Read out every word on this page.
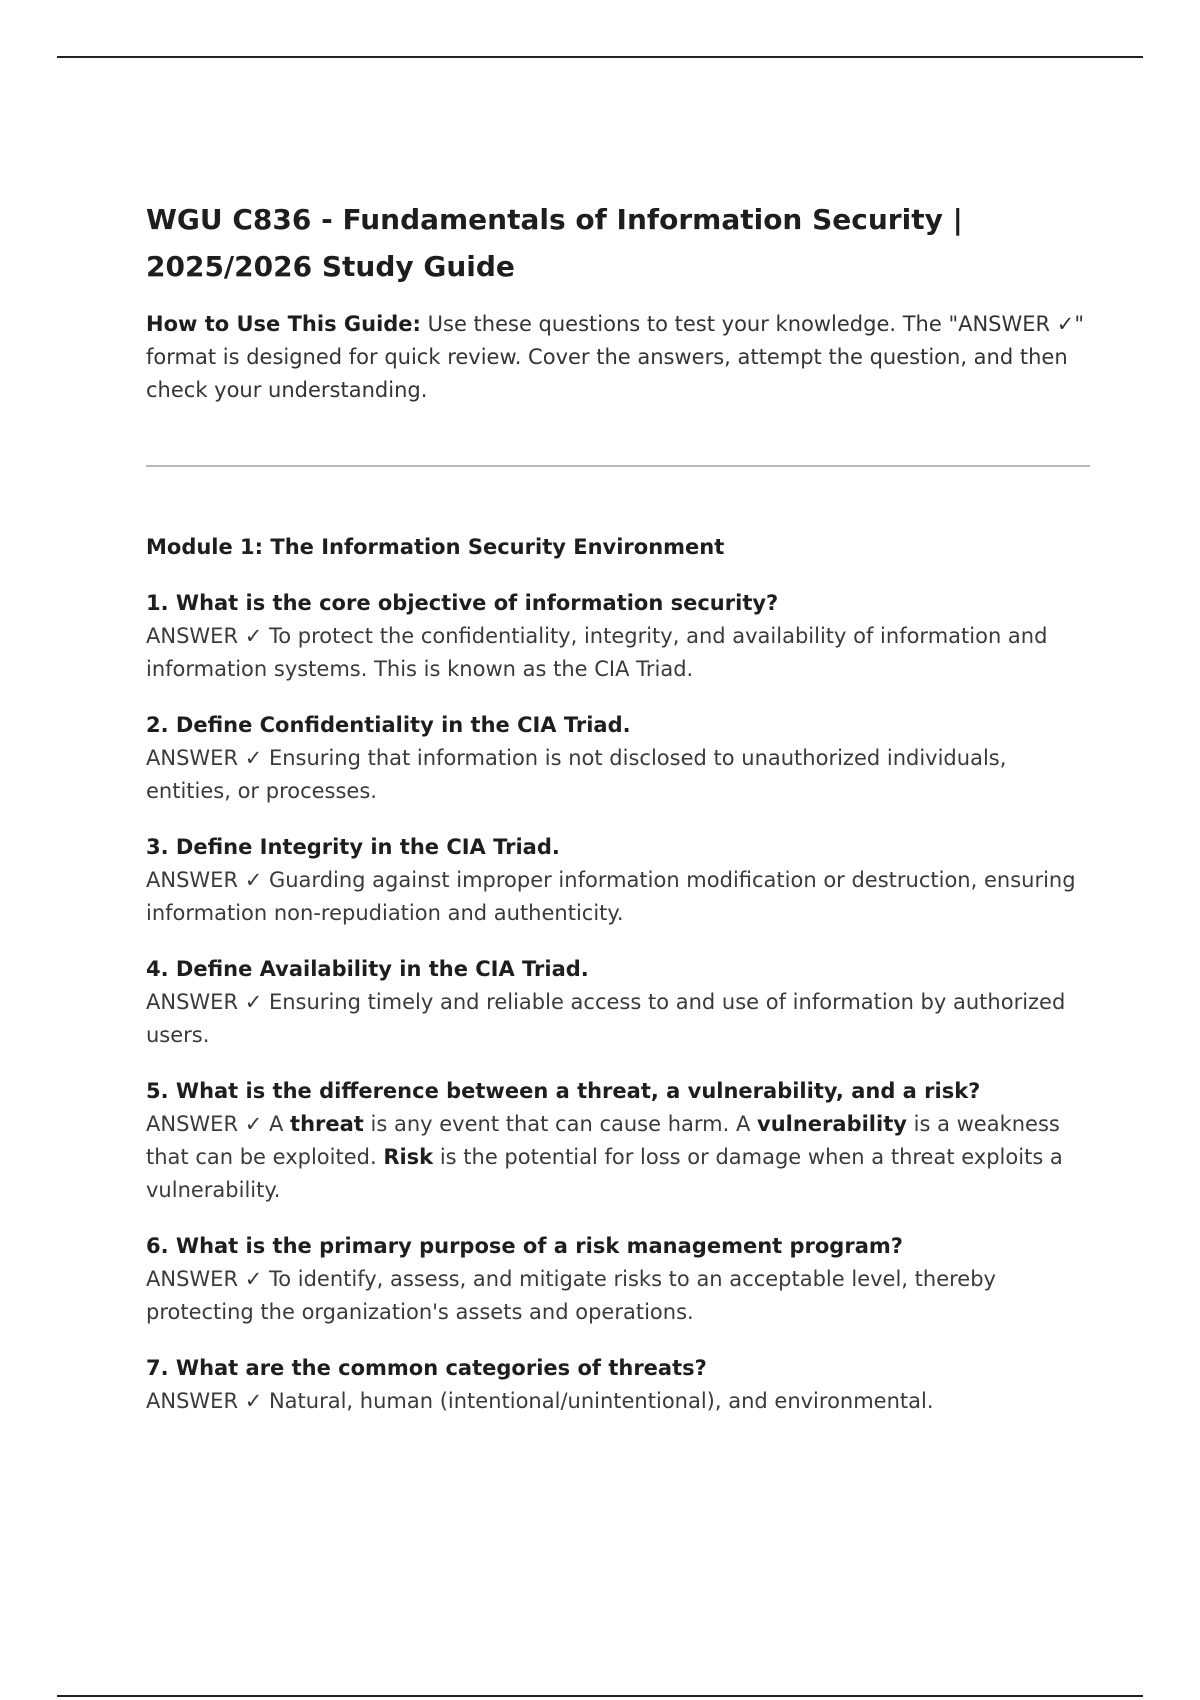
WGU C836 - Fundamentals of Information Security | 2025/2026 Study Guide

How to Use This Guide: Use these questions to test your knowledge. The "ANSWER ✓" format is designed for quick review. Cover the answers, attempt the question, and then check your understanding.

Module 1: The Information Security Environment
1. What is the core objective of information security?
ANSWER ✓ To protect the confidentiality, integrity, and availability of information and information systems. This is known as the CIA Triad.
2. Define Confidentiality in the CIA Triad.
ANSWER ✓ Ensuring that information is not disclosed to unauthorized individuals, entities, or processes.
3. Define Integrity in the CIA Triad.
ANSWER ✓ Guarding against improper information modification or destruction, ensuring information non-repudiation and authenticity.
4. Define Availability in the CIA Triad.
ANSWER ✓ Ensuring timely and reliable access to and use of information by authorized users.
5. What is the difference between a threat, a vulnerability, and a risk?
ANSWER ✓ A threat is any event that can cause harm. A vulnerability is a weakness that can be exploited. Risk is the potential for loss or damage when a threat exploits a vulnerability.
6. What is the primary purpose of a risk management program?
ANSWER ✓ To identify, assess, and mitigate risks to an acceptable level, thereby protecting the organization's assets and operations.
7. What are the common categories of threats?
ANSWER ✓ Natural, human (intentional/unintentional), and environmental.
